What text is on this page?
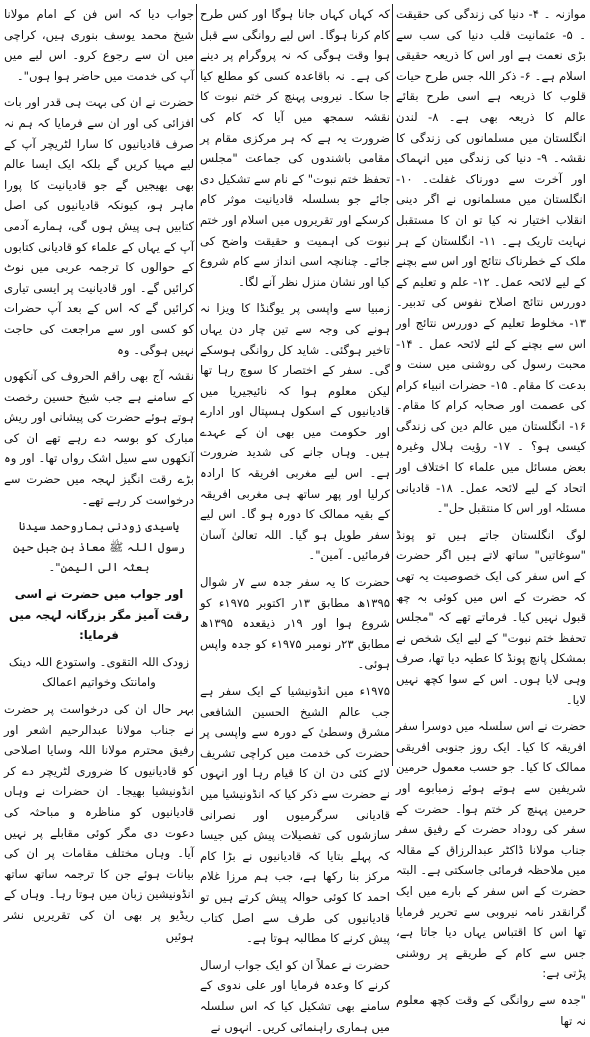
موازنہ ۔ ۴- دنیا کی زندگی کی حقیقت ۔ ۵- عثمانیت قلب دنیا کی سب سے بڑی نعمت ہے اور اس کا ذریعہ حقیقی اسلام ہے۔ ۶- ذکر اللہ جس طرح حیات قلوب کا ذریعہ ہے اسی طرح بقائے عالم کا ذریعہ بھی ہے۔ ۸- لندن انگلستان میں مسلمانوں کی زندگی کا نقشہ۔ ۹- دنیا کی زندگی میں انہماک اور آخرت سے دورناک غفلت۔ ۱۰- انگلستان میں مسلمانوں نے اگر دینی انقلاب اختیار نہ کیا تو ان کا مستقبل نہایت تاریک ہے۔ ۱۱- انگلستان کے ہر ملک کے خطرناک نتائج اور اس سے بچنے کے لیے لائحہ عمل۔ ۱۲- علم و تعلیم کے دوررس نتائج اصلاح نفوس کی تدبیر۔ ۱۳- مخلوط تعلیم کے دوررس نتائج اور اس سے بچنے کے لئے لائحہ عمل ۔ ۱۴- محبت رسول کی روشنی میں سنت و بدعت کا مقام۔ ۱۵- حضرات انبیاء کرام کی عصمت اور صحابہ کرام کا مقام۔ ۱۶- انگلستان میں عالم دین کی زندگی کیسی ہو؟ ۔ ۱۷- رؤیت ہلال وغیرہ بعض مسائل میں علماء کا اختلاف اور اتحاد کے لیے لائحہ عمل۔ ۱۸- قادیانی مسئلہ اور اس کا منتقبل حل"۔

لوگ انگلستان جاتے ہیں تو پونڈ "سوغاتیں" ساتھ لاتے ہیں اگر حضرت کے اس سفر کی ایک خصوصیت یہ تھی کہ حضرت کے اس میں کوئی بہ چھ قبول نہیں کیا۔ فرماتے تھے کہ "مجلس تحفظ ختم نبوت" کے لیے ایک شخص نے بمشکل پانچ پونڈ کا عطیہ دیا تھا، صرف وہی لایا ہوں۔ اس کے سوا کچھ نہیں لایا۔

حضرت نے اس سلسلہ میں دوسرا سفر افریقہ کا کیا۔ ایک روز جنوبی افریقی ممالک کا کیا۔ جو حسب معمول حرمین شریفین سے ہوتے ہوئے زمبابوے اور حرمین پہنچ کر ختم ہوا۔ حضرت کے سفر کی روداد حضرت کے رفیق سفر جناب مولانا ڈاکٹر عبدالرزاق کے مقالہ میں ملاحظہ فرمائی جاسکتی ہے۔ البتہ حضرت کے اس سفر کے بارے میں ایک گرانقدر نامہ نیروبی سے تحریر فرمایا تھا اس کا اقتباس یہاں دیا جاتا ہے، جس سے کام کے طریقے پر روشنی پڑتی ہے:

"جدہ سے روانگی کے وقت کچھ معلوم نہ تھا

کہ کہاں کہاں جانا ہوگا اور کس طرح کام کرنا ہوگا۔ اس لیے روانگی سے قبل ہوا وقت ہوگی کہ نہ پروگرام پر دینے کی ہے۔ نہ باقاعدہ کسی کو مطلع کیا جا سکا۔ نیروبی پہنچ کر ختم نبوت کا نقشہ سمجھ میں آیا کہ کام کی ضرورت یہ ہے کہ ہر مرکزی مقام پر مقامی باشندوں کی جماعت "مجلس تحفظ ختم نبوت" کے نام سے تشکیل دی جائے جو بسلسلہ قادیانیت موثر کام کرسکے اور تقریروں میں اسلام اور ختم نبوت کی اہمیت و حقیقت واضح کی جائے۔ چنانچہ اسی انداز سے کام شروع کیا اور نشان منزل نظر آنے لگا۔

زمبیا سے واپسی پر یوگنڈا کا ویزا نہ ہونے کی وجہ سے تین چار دن یہاں تاخیر ہوگئی۔ شاید کل روانگی ہوسکے گی۔ سفر کے اختصار کا سوچ رہا تھا لیکن معلوم ہوا کہ نائیجیریا میں قادیانیوں کے اسکول ہسپتال اور ادارے اور حکومت میں بھی ان کے عہدے ہیں۔ وہاں جانے کی شدید ضرورت ہے۔ اس لیے مغربی افریقہ کا ارادہ کرلیا اور پھر ساتھ ہی مغربی افریقہ کے بقیہ ممالک کا دورہ ہو گا۔ اس لیے سفر طویل ہو گیا۔ اللہ تعالیٰ آسان فرمائیں۔ آمین"۔

حضرت کا یہ سفر جدہ سے ۷ر شوال ۱۳۹۵ھ مطابق ۱۳ر اکتوبر ۱۹۷۵ء کو شروع ہوا اور ۱۹ر ذیقعدہ ۱۳۹۵ھ مطابق ۲۳ر نومبر ۱۹۷۵ء کو جدہ واپس ہوئی۔

۱۹۷۵ء میں انڈونیشیا کے ایک سفر ہے جب عالم الشیخ الحسین الشافعی مشرق وسطیٰ کے دورہ سے واپسی پر حضرت کی خدمت میں کراچی تشریف لائے کئی دن ان کا قیام رہا اور انہوں نے حضرت سے ذکر کیا کہ انڈونیشیا میں قادیانی سرگرمیوں اور نصرانی سازشوں کی تفصیلات پیش کیں جیسا کہ پہلے بتایا کہ قادیانیوں نے بڑا کام مرکز بنا رکھا ہے، جب ہم مرزا غلام احمد کا کوئی حوالہ پیش کرتے ہیں تو قادیانیوں کی طرف سے اصل کتاب پیش کرنے کا مطالبہ ہوتا ہے۔

حضرت نے عملاً ان کو ایک جواب ارسال کرنے کا وعدہ فرمایا اور علی ندوی کے سامنے بھی تشکیل کیا کہ اس سلسلہ میں ہماری راہنمائی کریں۔ انہوں نے

جواب دیا کہ اس فن کے امام مولانا شیخ محمد یوسف بنوری ہیں، کراچی میں ان سے رجوع کرو۔ اس لیے میں آپ کی خدمت میں حاضر ہوا ہوں"۔

حضرت نے ان کی بہت ہی قدر اور بات افزائی کی اور ان سے فرمایا کہ ہم نہ صرف قادیانیوں کا سارا لٹریچر آپ کے لیے مہیا کریں گے بلکہ ایک ایسا عالم بھی بھیجیں گے جو قادیانیت کا پورا ماہر ہو، کیونکہ قادیانیوں کی اصل کتابیں ہی پیش ہوں گی، ہمارے آدمی آپ کے یہاں کے علماء کو قادیانی کتابوں کے حوالوں کا ترجمہ عربی میں نوٹ کرائیں گے۔ اور قادیانیت پر ایسی تیاری کرائیں گے کہ اس کے بعد آپ حضرات کو کسی اور سے مراجعت کی حاجت نہیں ہوگی۔ وہ

نقشہ آج بھی راقم الحروف کی آنکھوں کے سامنے ہے جب شیخ حسین رخصت ہوتے ہوئے حضرت کی پیشانی اور ریش مبارک کو بوسہ دے رہے تھے ان کی آنکھوں سے سیل اشک رواں تھا۔ اور وہ بڑے رقت انگیز لہجہ میں حضرت سے درخواست کر رہے تھے۔

یاسیدی زودنی بماروحمد سیدنا رسول اللہ ﷺ معاذ بن جبل حین بعثہ الی الیمن"۔

اور جواب میں حضرت نے اسی رقت آمیز مگر بزرگانہ لہجہ میں فرمایا:

زودک اللہ التقوی۔ واستودع اللہ دینک وامانتک وخواتیم اعمالک

بہر حال ان کی درخواست پر حضرت نے جناب مولانا عبدالرحیم اشعر اور رفیق محترم مولانا اللہ وسایا اصلاحی کو قادیانیوں کا ضروری لٹریچر دے کر انڈونیشیا بھیجا۔ ان حضرات نے وہاں قادیانیوں کو مناظرہ و مباحثہ کی دعوت دی مگر کوئی مقابلے پر نہیں آیا۔ وہاں مختلف مقامات پر ان کی بیانات ہوئے جن کا ترجمہ ساتھ ساتھ انڈونیشین زبان میں ہوتا رہا۔ وہاں کے ریڈیو پر بھی ان کی تقریریں نشر ہوئیں
